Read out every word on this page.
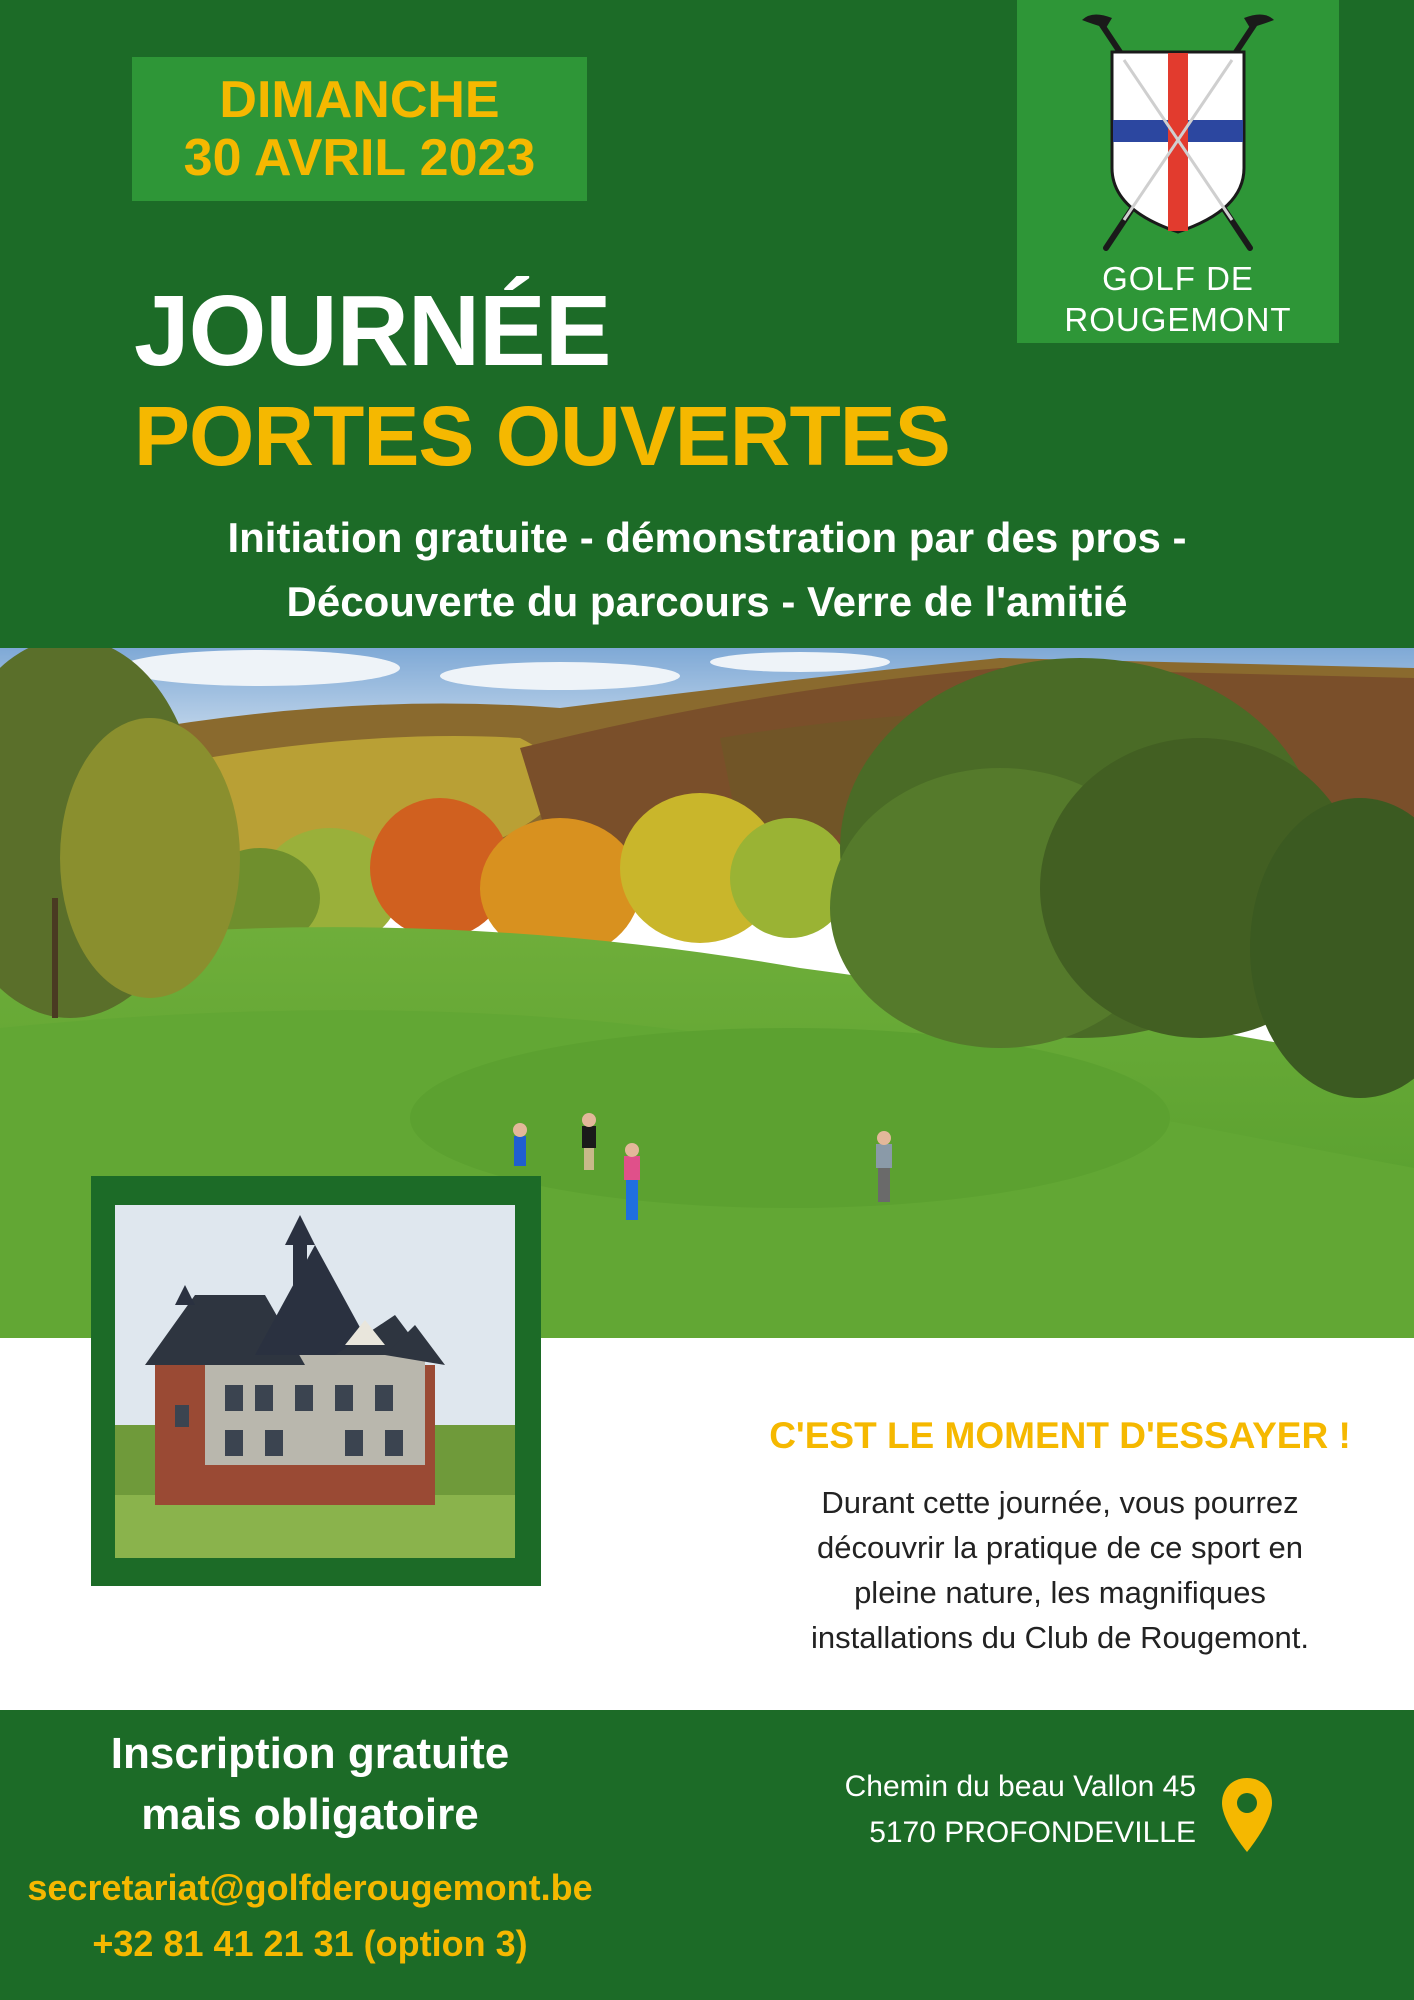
DIMANCHE
30 AVRIL 2023
GOLF DE
ROUGEMONT
JOURNÉE
PORTES OUVERTES
Initiation gratuite - démonstration par des pros -
Découverte du parcours - Verre de l'amitié
C'EST LE MOMENT D'ESSAYER !
Durant cette journée, vous pourrez
découvrir la pratique de ce sport en
pleine nature, les magnifiques
installations du Club de Rougemont.
Inscription gratuite
mais obligatoire
secretariat@golfderougemont.be
+32 81 41 21 31 (option 3)
Chemin du beau Vallon 45
5170 PROFONDEVILLE
